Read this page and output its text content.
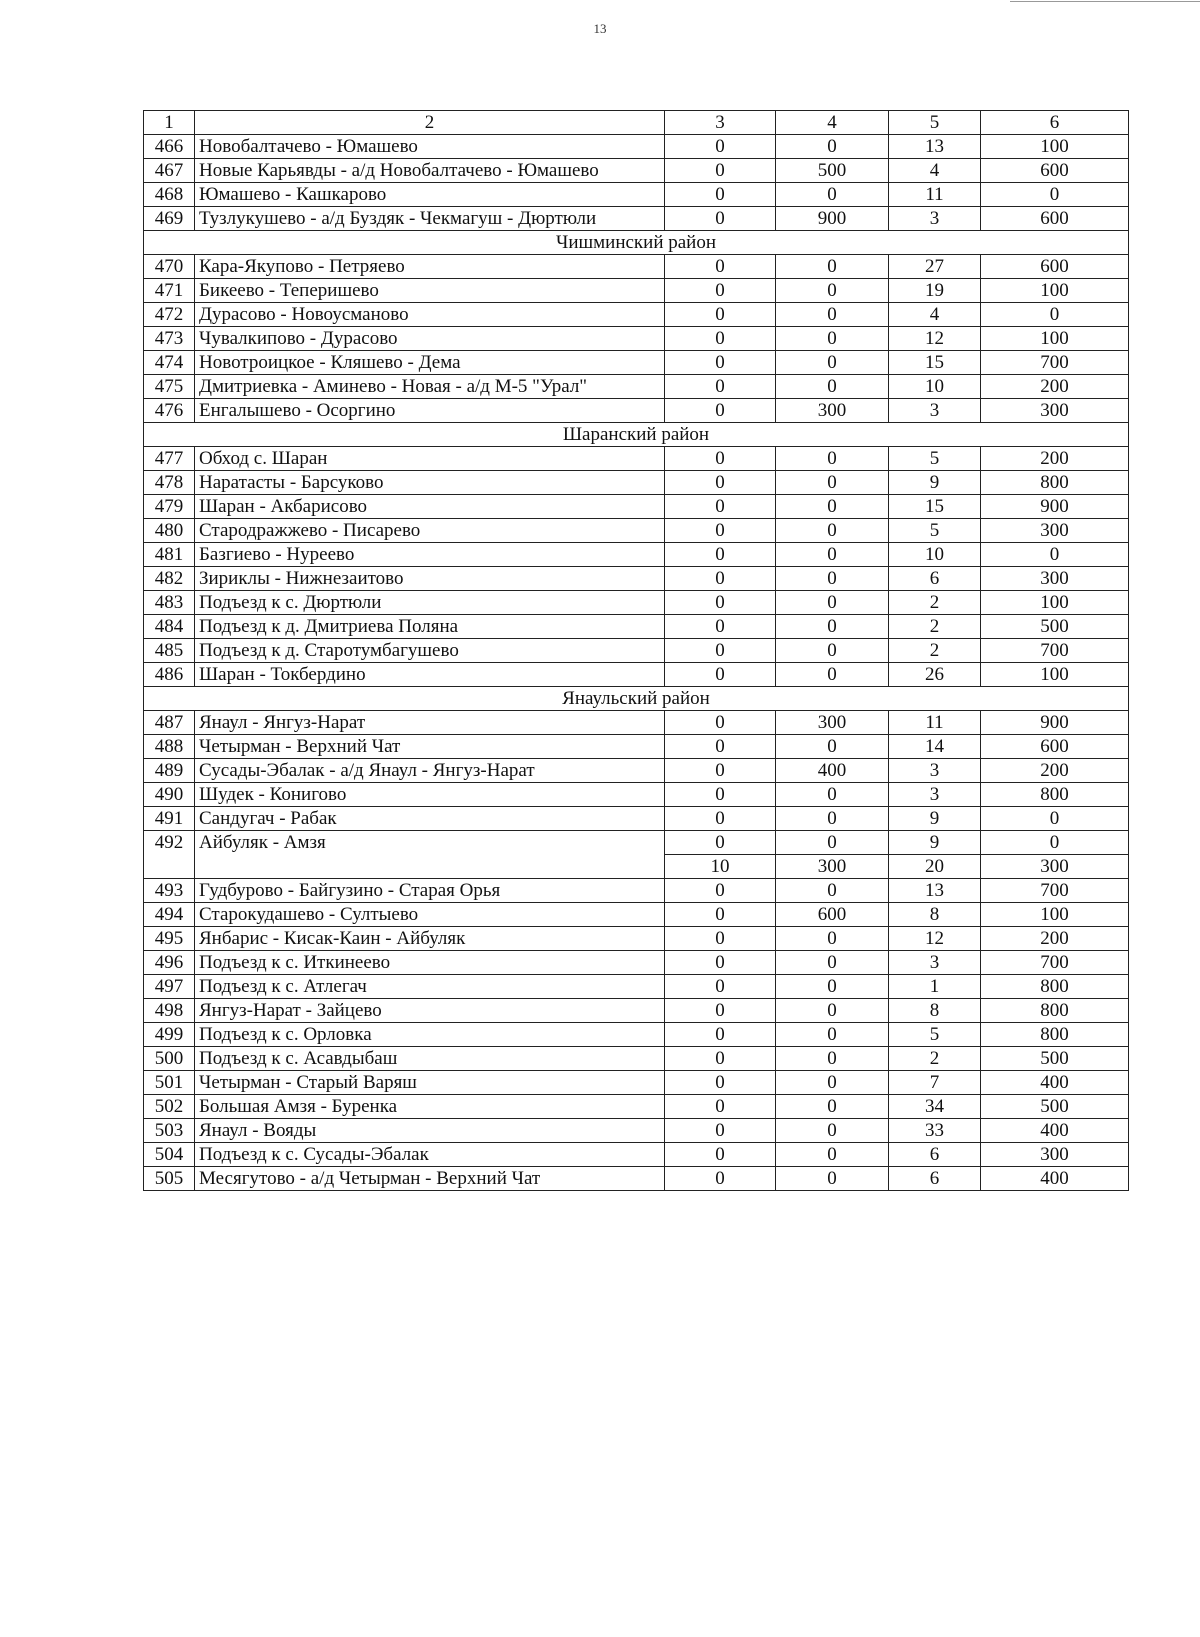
13
1	2	3	4	5	6
466	Новобалтачево - Юмашево	0	0	13	100
467	Новые Карьявды - а/д Новобалтачево - Юмашево	0	500	4	600
468	Юмашево - Кашкарово	0	0	11	0
469	Тузлукушево - а/д Буздяк - Чекмагуш - Дюртюли	0	900	3	600
Чишминский район					
470	Кара-Якупово - Петряево	0	0	27	600
471	Бикеево - Теперишево	0	0	19	100
472	Дурасово - Новоусманово	0	0	4	0
473	Чувалкипово - Дурасово	0	0	12	100
474	Новотроицкое - Кляшево - Дема	0	0	15	700
475	Дмитриевка - Аминево - Новая - а/д М-5 "Урал"	0	0	10	200
476	Енгалышево - Осоргино	0	300	3	300
Шаранский район					
477	Обход с. Шаран	0	0	5	200
478	Наратасты - Барсуково	0	0	9	800
479	Шаран - Акбарисово	0	0	15	900
480	Стародражжево - Писарево	0	0	5	300
481	Базгиево - Нуреево	0	0	10	0
482	Зириклы - Нижнезаитово	0	0	6	300
483	Подъезд к с. Дюртюли	0	0	2	100
484	Подъезд к д. Дмитриева Поляна	0	0	2	500
485	Подъезд к д. Старотумбагушево	0	0	2	700
486	Шаран - Токбердино	0	0	26	100
Янаульский район					
487	Янаул - Янгуз-Нарат	0	300	11	900
488	Четырман - Верхний Чат	0	0	14	600
489	Сусады-Эбалак - а/д Янаул - Янгуз-Нарат	0	400	3	200
490	Шудек - Конигово	0	0	3	800
491	Сандугач - Рабак	0	0	9	0
492	Айбуляк - Амзя	0	0	9	0
		10	300	20	300
493	Гудбурово - Байгузино - Старая Орья	0	0	13	700
494	Старокудашево - Султыево	0	600	8	100
495	Янбарис - Кисак-Каин - Айбуляк	0	0	12	200
496	Подъезд к с. Иткинеево	0	0	3	700
497	Подъезд к с. Атлегач	0	0	1	800
498	Янгуз-Нарат - Зайцево	0	0	8	800
499	Подъезд к с. Орловка	0	0	5	800
500	Подъезд к с. Асавдыбаш	0	0	2	500
501	Четырман - Старый Варяш	0	0	7	400
502	Большая Амзя - Буренка	0	0	34	500
503	Янаул - Вояды	0	0	33	400
504	Подъезд к с. Сусады-Эбалак	0	0	6	300
505	Месягутово - а/д Четырман - Верхний Чат	0	0	6	400
